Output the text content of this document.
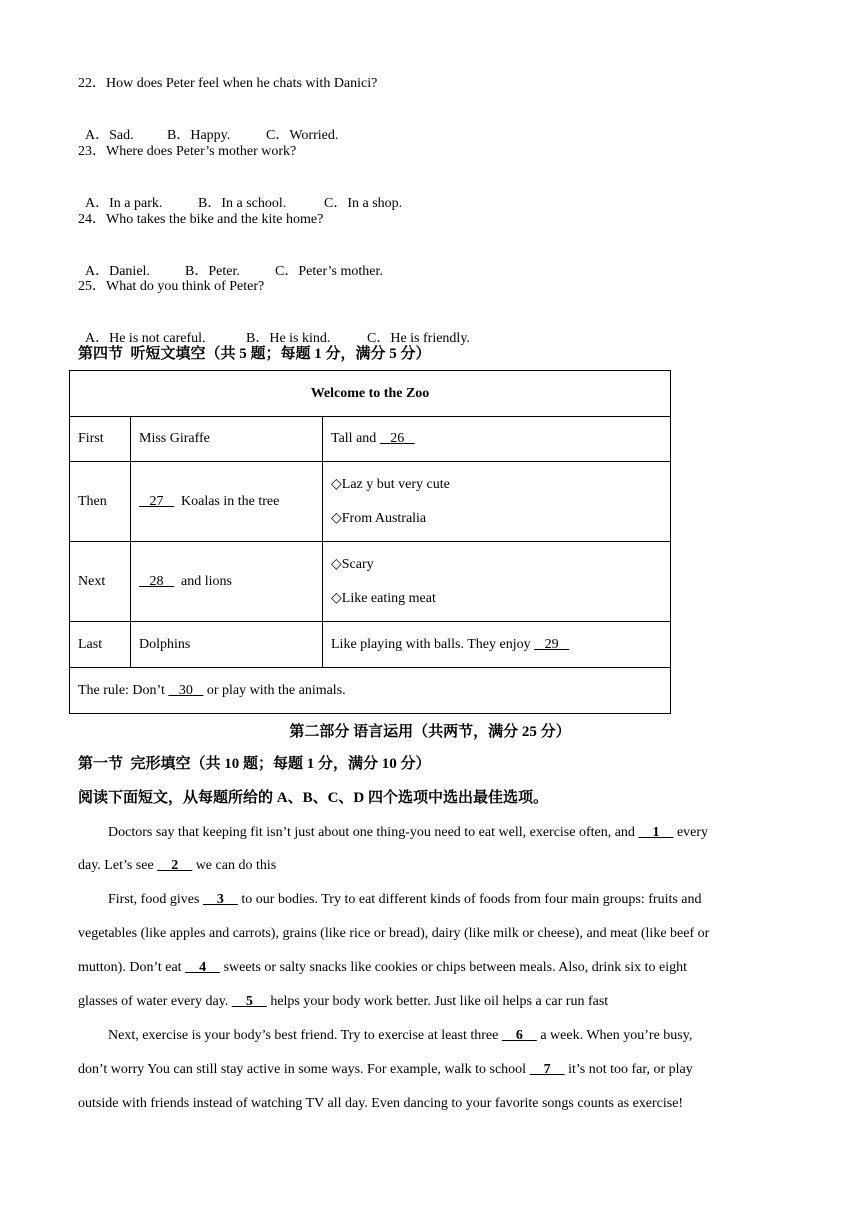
22．How does Peter feel when he chats with Danici?

A．Sad. B．Happy.	C．Worried.

23．Where does Peter’s mother work?

A．In a park.	B．In a school.	C．In a shop.

24．Who takes the bike and the kite home?

A．Daniel.	B．Peter.	C．Peter’s mother.

25．What do you think of Peter?

A．He is not careful.	B．He is kind.	C．He is friendly.

第四节  听短文填空（共 5 题；每题 1 分，满分 5 分）
Welcome to the Zoo		
First	Miss Giraffe	Tall and    26
Then	27 Koalas in the tree	◇Laz y but very cute
◇From Australia

Next	28 and lions	◇Scary
◇Like eating meat

Last	Dolphins	Like playing with balls. They enjoy    29
The rule: Don’t    30    or play with the animals.		
第二部分 语言运用（共两节，满分 25 分）
第一节  完形填空（共 10 题；每题 1 分，满分 10 分）
阅读下面短文，从每题所给的 A、B、C、D 四个选项中选出最佳选项。
Doctors say that keeping fit isn’t just about one thing-you need to eat well, exercise often, and     1     every
day. Let’s see     2     we can do this
First, food gives     3     to our bodies. Try to eat different kinds of foods from four main groups: fruits and
vegetables (like apples and carrots), grains (like rice or bread), dairy (like milk or cheese), and meat (like beef or
mutton). Don’t eat     4     sweets or salty snacks like cookies or chips between meals. Also, drink six to eight
glasses of water every day.     5     helps your body work better. Just like oil helps a car run fast
Next, exercise is your body’s best friend. Try to exercise at least three     6     a week. When you’re busy,
don’t worry You can still stay active in some ways. For example, walk to school     7     it’s not too far, or play
outside with friends instead of watching TV all day. Even dancing to your favorite songs counts as exercise!
